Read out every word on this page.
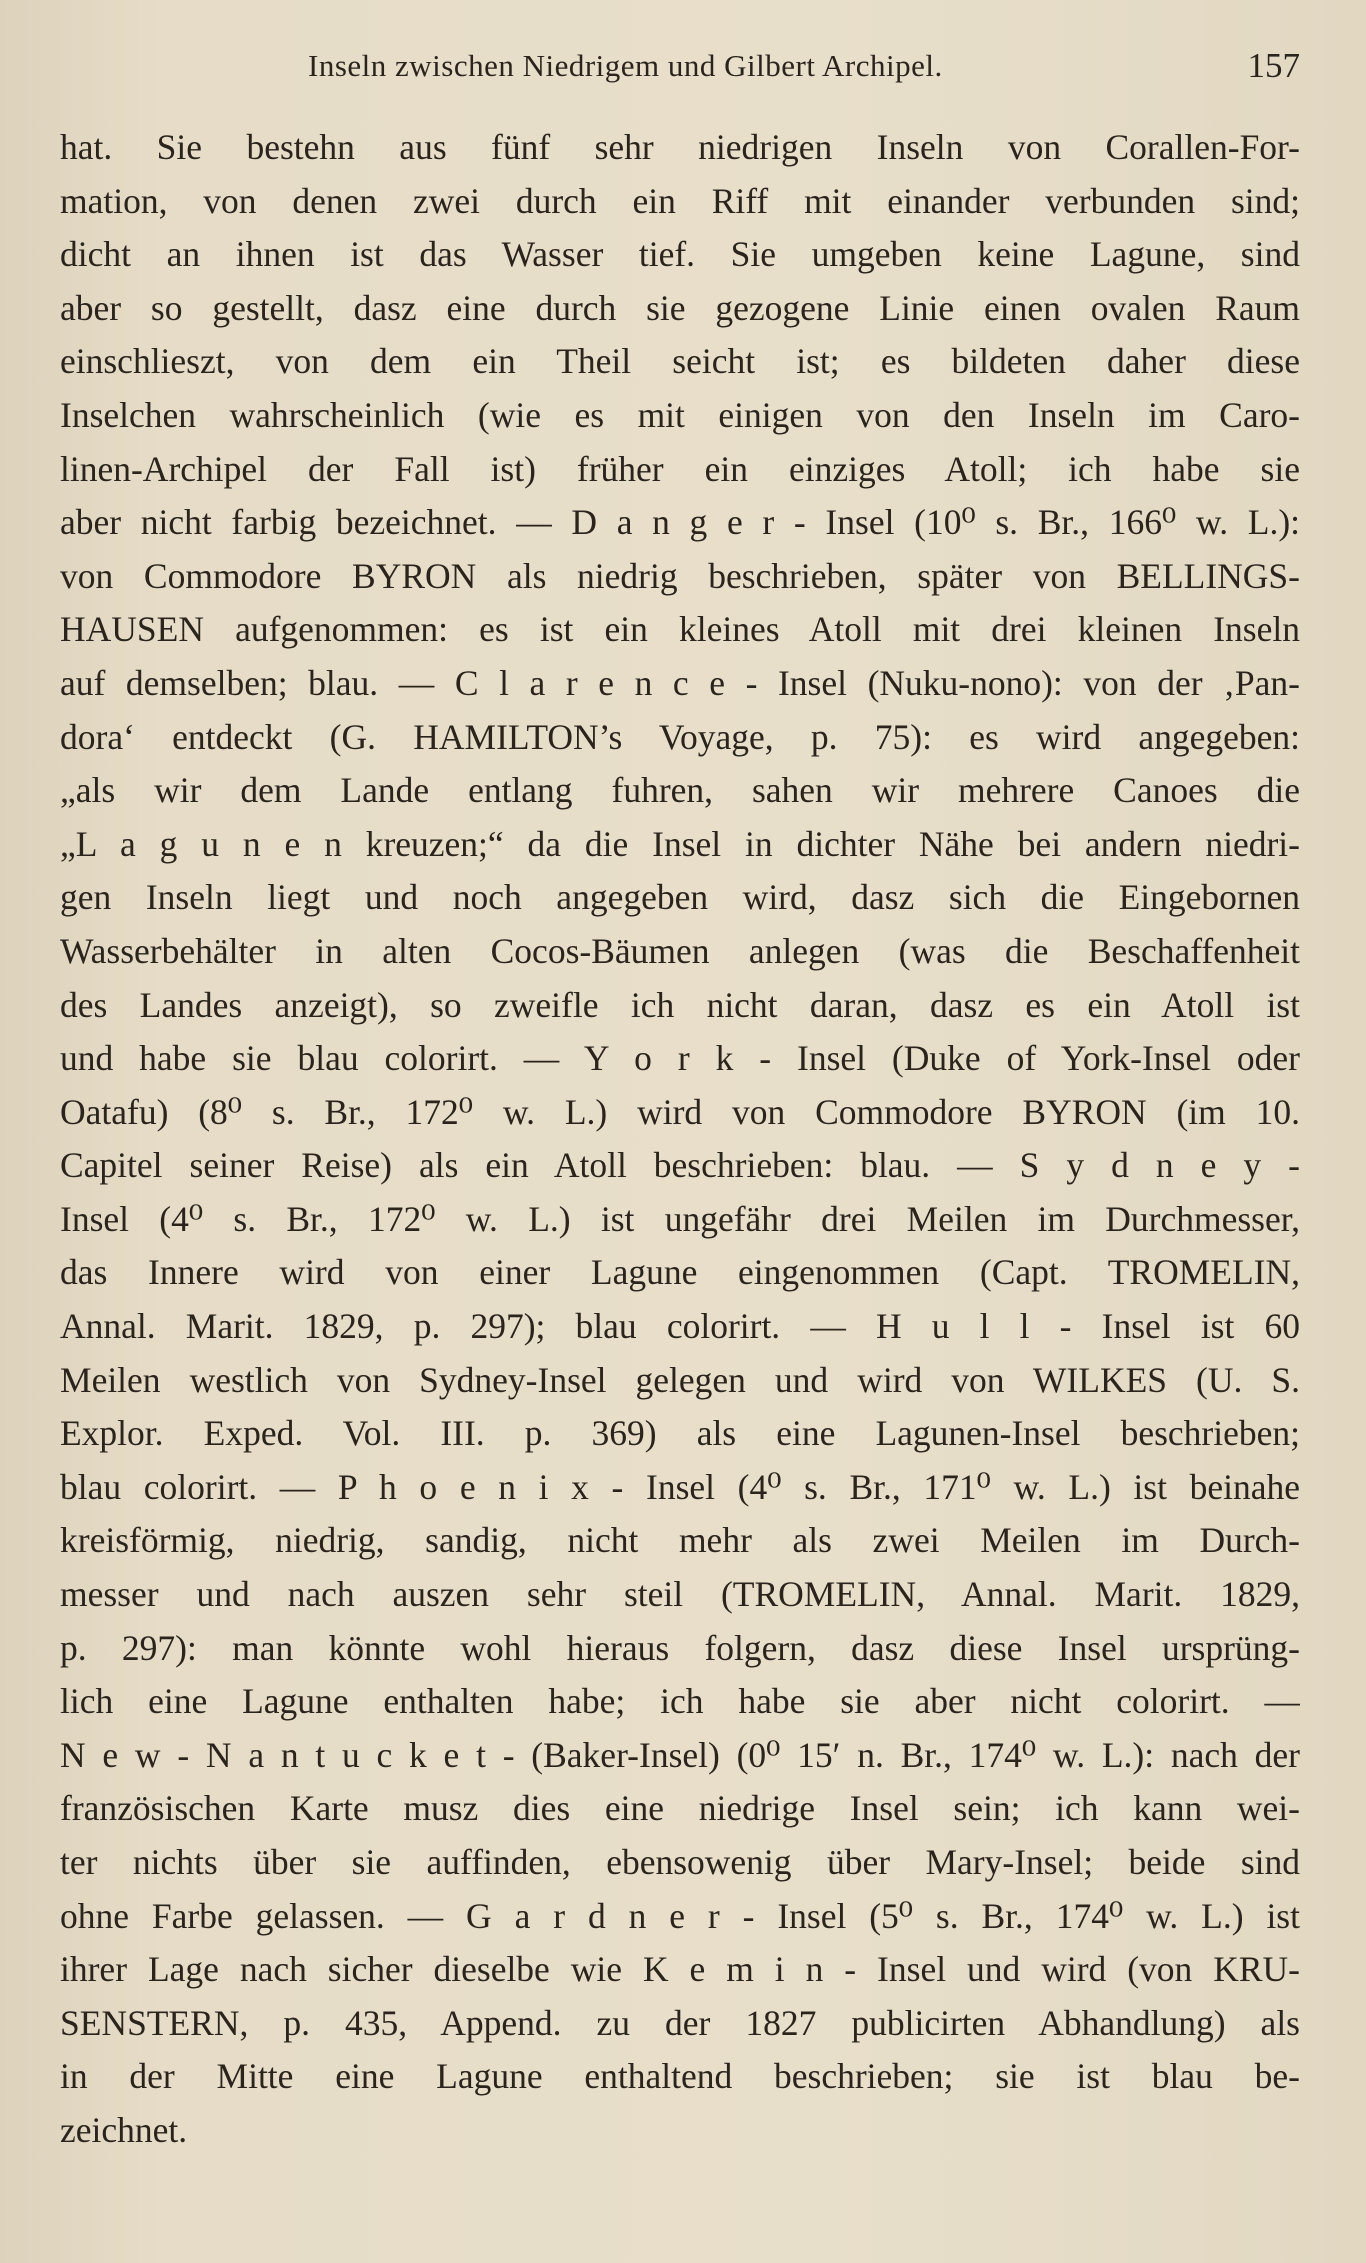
Inseln zwischen Niedrigem und Gilbert Archipel.	157
hat. Sie bestehn aus fünf sehr niedrigen Inseln von Corallen-For-
mation, von denen zwei durch ein Riff mit einander verbunden sind;
dicht an ihnen ist das Wasser tief. Sie umgeben keine Lagune, sind
aber so gestellt, dasz eine durch sie gezogene Linie einen ovalen Raum
einschlieszt, von dem ein Theil seicht ist; es bildeten daher diese
Inselchen wahrscheinlich (wie es mit einigen von den Inseln im Caro-
linen-Archipel der Fall ist) früher ein einziges Atoll; ich habe sie
aber nicht farbig bezeichnet. — D a n g e r - Insel (10⁰ s. Br., 166⁰ w. L.):
von Commodore BYRON als niedrig beschrieben, später von BELLINGS-
HAUSEN aufgenommen: es ist ein kleines Atoll mit drei kleinen Inseln
auf demselben; blau. — C l a r e n c e - Insel (Nuku-nono): von der ‚Pan-
dora‘ entdeckt (G. HAMILTON’s Voyage, p. 75): es wird angegeben:
„als wir dem Lande entlang fuhren, sahen wir mehrere Canoes die
„L a g u n e n kreuzen;“ da die Insel in dichter Nähe bei andern niedri-
gen Inseln liegt und noch angegeben wird, dasz sich die Eingebornen
Wasserbehälter in alten Cocos-Bäumen anlegen (was die Beschaffenheit
des Landes anzeigt), so zweifle ich nicht daran, dasz es ein Atoll ist
und habe sie blau colorirt. — Y o r k - Insel (Duke of York-Insel oder
Oatafu) (8⁰ s. Br., 172⁰ w. L.) wird von Commodore BYRON (im 10.
Capitel seiner Reise) als ein Atoll beschrieben: blau. — S y d n e y -
Insel (4⁰ s. Br., 172⁰ w. L.) ist ungefähr drei Meilen im Durchmesser,
das Innere wird von einer Lagune eingenommen (Capt. TROMELIN,
Annal. Marit. 1829, p. 297); blau colorirt. — H u l l - Insel ist 60
Meilen westlich von Sydney-Insel gelegen und wird von WILKES (U. S.
Explor. Exped. Vol. III. p. 369) als eine Lagunen-Insel beschrieben;
blau colorirt. — P h o e n i x - Insel (4⁰ s. Br., 171⁰ w. L.) ist beinahe
kreisförmig, niedrig, sandig, nicht mehr als zwei Meilen im Durch-
messer und nach auszen sehr steil (TROMELIN, Annal. Marit. 1829,
p. 297): man könnte wohl hieraus folgern, dasz diese Insel ursprüng-
lich eine Lagune enthalten habe; ich habe sie aber nicht colorirt. —
N e w - N a n t u c k e t - (Baker-Insel) (0⁰ 15′ n. Br., 174⁰ w. L.): nach der
französischen Karte musz dies eine niedrige Insel sein; ich kann wei-
ter nichts über sie auffinden, ebensowenig über Mary-Insel; beide sind
ohne Farbe gelassen. — G a r d n e r - Insel (5⁰ s. Br., 174⁰ w. L.) ist
ihrer Lage nach sicher dieselbe wie K e m i n - Insel und wird (von KRU-
SENSTERN, p. 435, Append. zu der 1827 publicirten Abhandlung) als
in der Mitte eine Lagune enthaltend beschrieben; sie ist blau be-
zeichnet.
